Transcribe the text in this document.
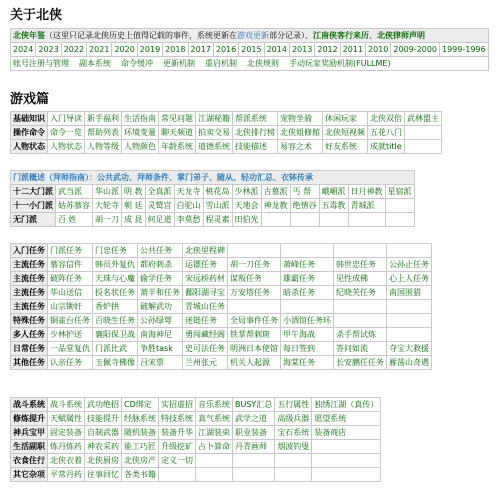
关于北侠
北侠年鉴（这里只记录北侠历史上值得记载的事件，系统更新在游戏更新部分记录）、江南侠客行来历、北侠律师声明
2024	2023	2022	2021	2020	2019	2018	2017	2016	2015	2014	2013	2012	2011	2010	2009-2000	1999-1996
帐号注册与管理 副本系统 命令缓冲 更新机制 重启机制 北侠规则 手动玩家奖励机制(FULLME)
游戏篇
基础知识	入门导读	新手福利	生活指南	常见问题	江湖秘籍	帮派系统	宠物坐骑	休闲玩家	北侠双倍	武林盟主
操作命令	命令一览	帮助列表	环境变量	聊天频道	拍卖交易	北侠排行榜	北侠姐修館	北侠短视频	五花八门	
人物状态	人物状态	人物等级	人物颜色	年龄系统	道德系统	技能描述	易容之术	好友系统	成就title	
门派概述（拜师指南）：公共武功、拜师条件、掌门弟子、随从、轻功汇总、衣钵传承												
十二大门派	武当派	华山派	明 教	全真派	天龙寺	桃花岛	少林派	古墓派	丐 帮	峨嵋派	日月神教	星宿派
十一小门派	姑苏慕容	大轮寺	朝 廷	灵鹫宫	白驼山	雪山派	天地会	神龙教	绝情谷	五毒教	青城派	
无门派	百 姓	胡一刀	成 昆	何足道	李莫愁	程灵素	田伯光					
入门任务	门派任务	门忠任务	公共任务	北侠里程碑				
主流任务	慕容信件	韩员外复仇	都府刺杀	运镖任务	胡一刀任务	萧峰任务	韩世忠任务	公孙止任务
主流任务	破阵任务	天珠与心魔	偷学任务	宋远桥药材	谋叛任务	雄霸任务	见性成佛	心上人任务
主流任务	华山送信	投名状任务	萧半和任务	鄱阳湖寻宝	万安塔任务	暗杀任务	纪晓芙任务	南国围猎
主流任务	山宗锄奸	香炉拱	破解武功	青城山任务				
特殊任务	铜雀台任务	百晓生任务	公孙绿萼	迷链任务	全局事件任务	小酒馆任务环		
多人任务	少林护送	襄阳保卫战	南海神尼	勇闯藏经阁	铁掌帮刺斑	甲午海战	杀手帮试炼	
日常任务	一品堂复仇	门派比武	争胜task	史可法任务	明洲日本使馆	每日签到	答问如流	夺宝大救援
其他任务	认亲任务	玉佩寺佛像	吕宋票	兰州张元	机关人起源	海棠任务	长安鹏任任务	雁荡山奇遇
战斗系统	战斗系统	武功绝招	CD绑定	实招虚招	音乐系统	BUSY汇总	五行属性	独绣江湖（真传）
修炼提升	天赋属性	技能提升	经脉系统	特技系统	真气系统	武学之道	高级兵器	愿望系统
神兵宝甲	固定装备	自制武器	随机装备	装备升华	江湖装束	职业装备	宝石系统	装备商店
生活副职	炼丹炼药	神农采药	能工巧匠	升级挖矿	占卜算命	丹青画师	烟波钓叟	
衣食住行	北侠衣着	北侠厨房	北侠房产	定义一切				
其它杂项	平常丹药	往事回忆	各类书籍					
